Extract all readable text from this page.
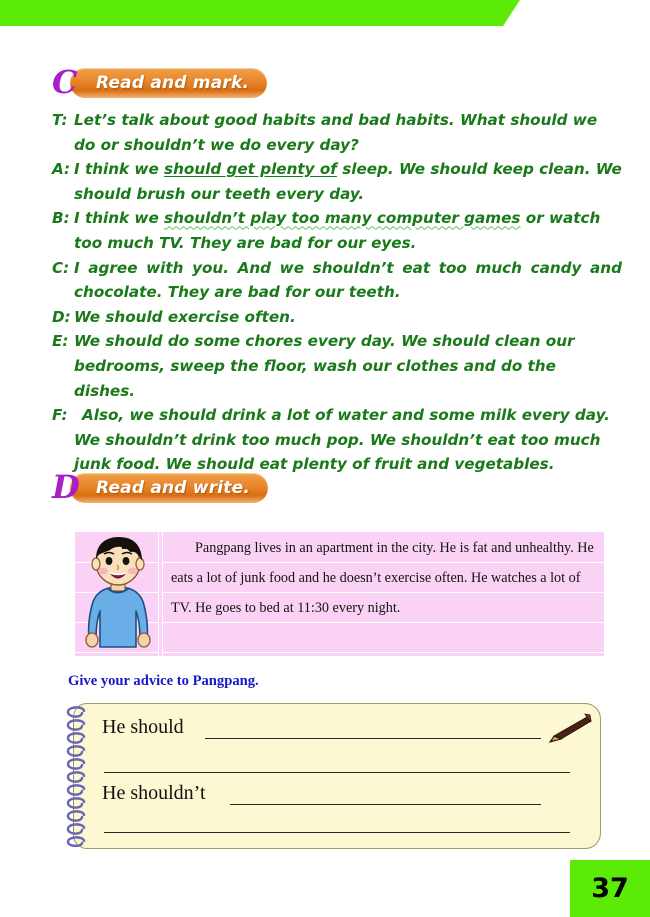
Read and mark.
C
T: Let’s talk about good habits and bad habits. What should we do or shouldn’t we do every day?
A: I think we should get plenty of sleep. We should keep clean. We should brush our teeth every day.
B: I think we shouldn’t play too many computer games or watch too much TV. They are bad for our eyes.
C: I agree with you. And we shouldn’t eat too much candy and chocolate. They are bad for our teeth.
D: We should exercise often.
E: We should do some chores every day. We should clean our bedrooms, sweep the floor, wash our clothes and do the dishes.
F: Also, we should drink a lot of water and some milk every day. We shouldn’t drink too much pop. We shouldn’t eat too much junk food. We should eat plenty of fruit and vegetables.
Read and write.
D

Pangpang lives in an apartment in the city. He is fat and unhealthy. He eats a lot of junk food and he doesn’t exercise often. He watches a lot of TV. He goes to bed at 11:30 every night.

Give your advice to Pangpang.
He should
He shouldn’t
37
